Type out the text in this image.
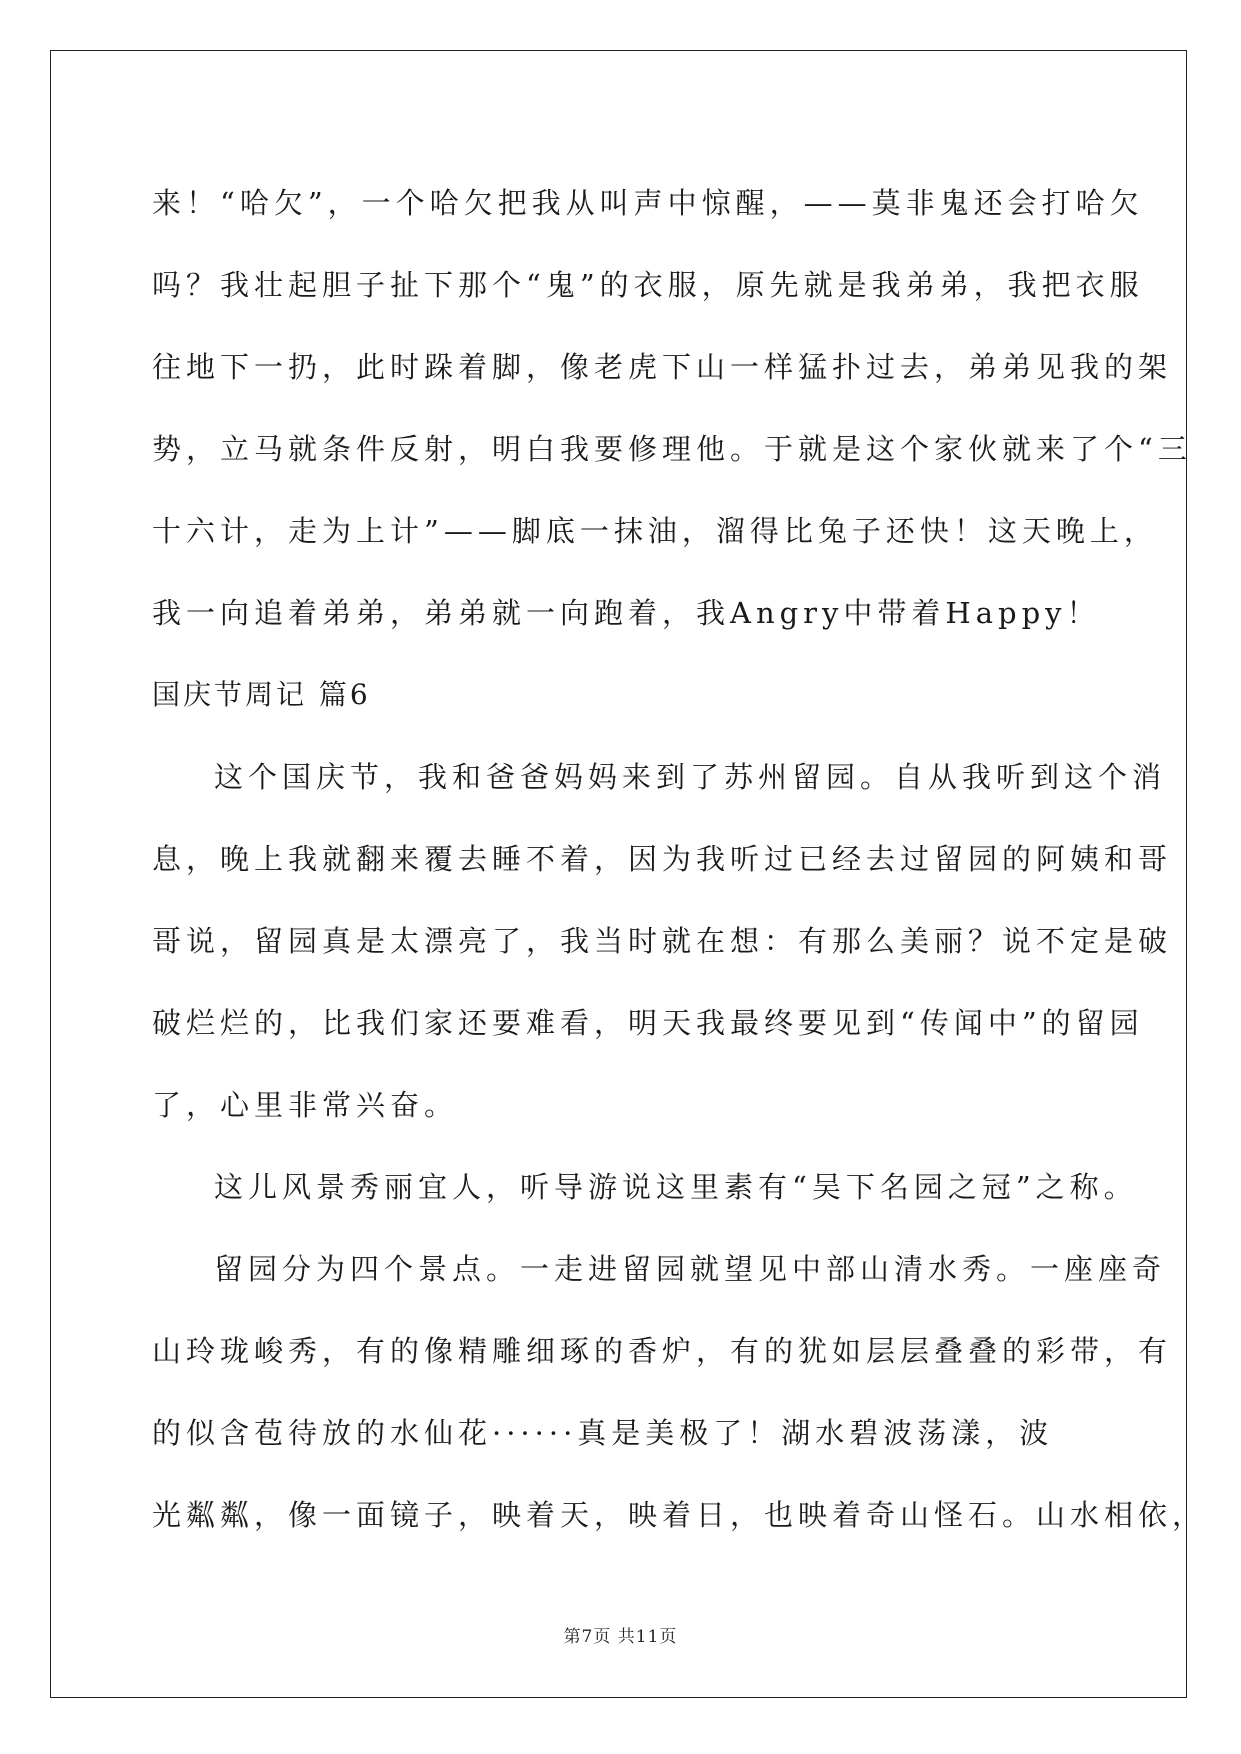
来！“哈欠”，一个哈欠把我从叫声中惊醒，——莫非鬼还会打哈欠
吗？我壮起胆子扯下那个“鬼”的衣服，原先就是我弟弟，我把衣服
往地下一扔，此时跺着脚，像老虎下山一样猛扑过去，弟弟见我的架
势，立马就条件反射，明白我要修理他。于就是这个家伙就来了个“三
十六计，走为上计”——脚底一抹油，溜得比兔子还快！这天晚上，
我一向追着弟弟，弟弟就一向跑着，我Angry中带着Happy！
国庆节周记 篇6
这个国庆节，我和爸爸妈妈来到了苏州留园。自从我听到这个消
息，晚上我就翻来覆去睡不着，因为我听过已经去过留园的阿姨和哥
哥说，留园真是太漂亮了，我当时就在想：有那么美丽？说不定是破
破烂烂的，比我们家还要难看，明天我最终要见到“传闻中”的留园
了，心里非常兴奋。
这儿风景秀丽宜人，听导游说这里素有“吴下名园之冠”之称。
留园分为四个景点。一走进留园就望见中部山清水秀。一座座奇
山玲珑峻秀，有的像精雕细琢的香炉，有的犹如层层叠叠的彩带，有
的似含苞待放的水仙花······真是美极了！湖水碧波荡漾，波
光粼粼，像一面镜子，映着天，映着日，也映着奇山怪石。山水相依，
第7页 共11页
